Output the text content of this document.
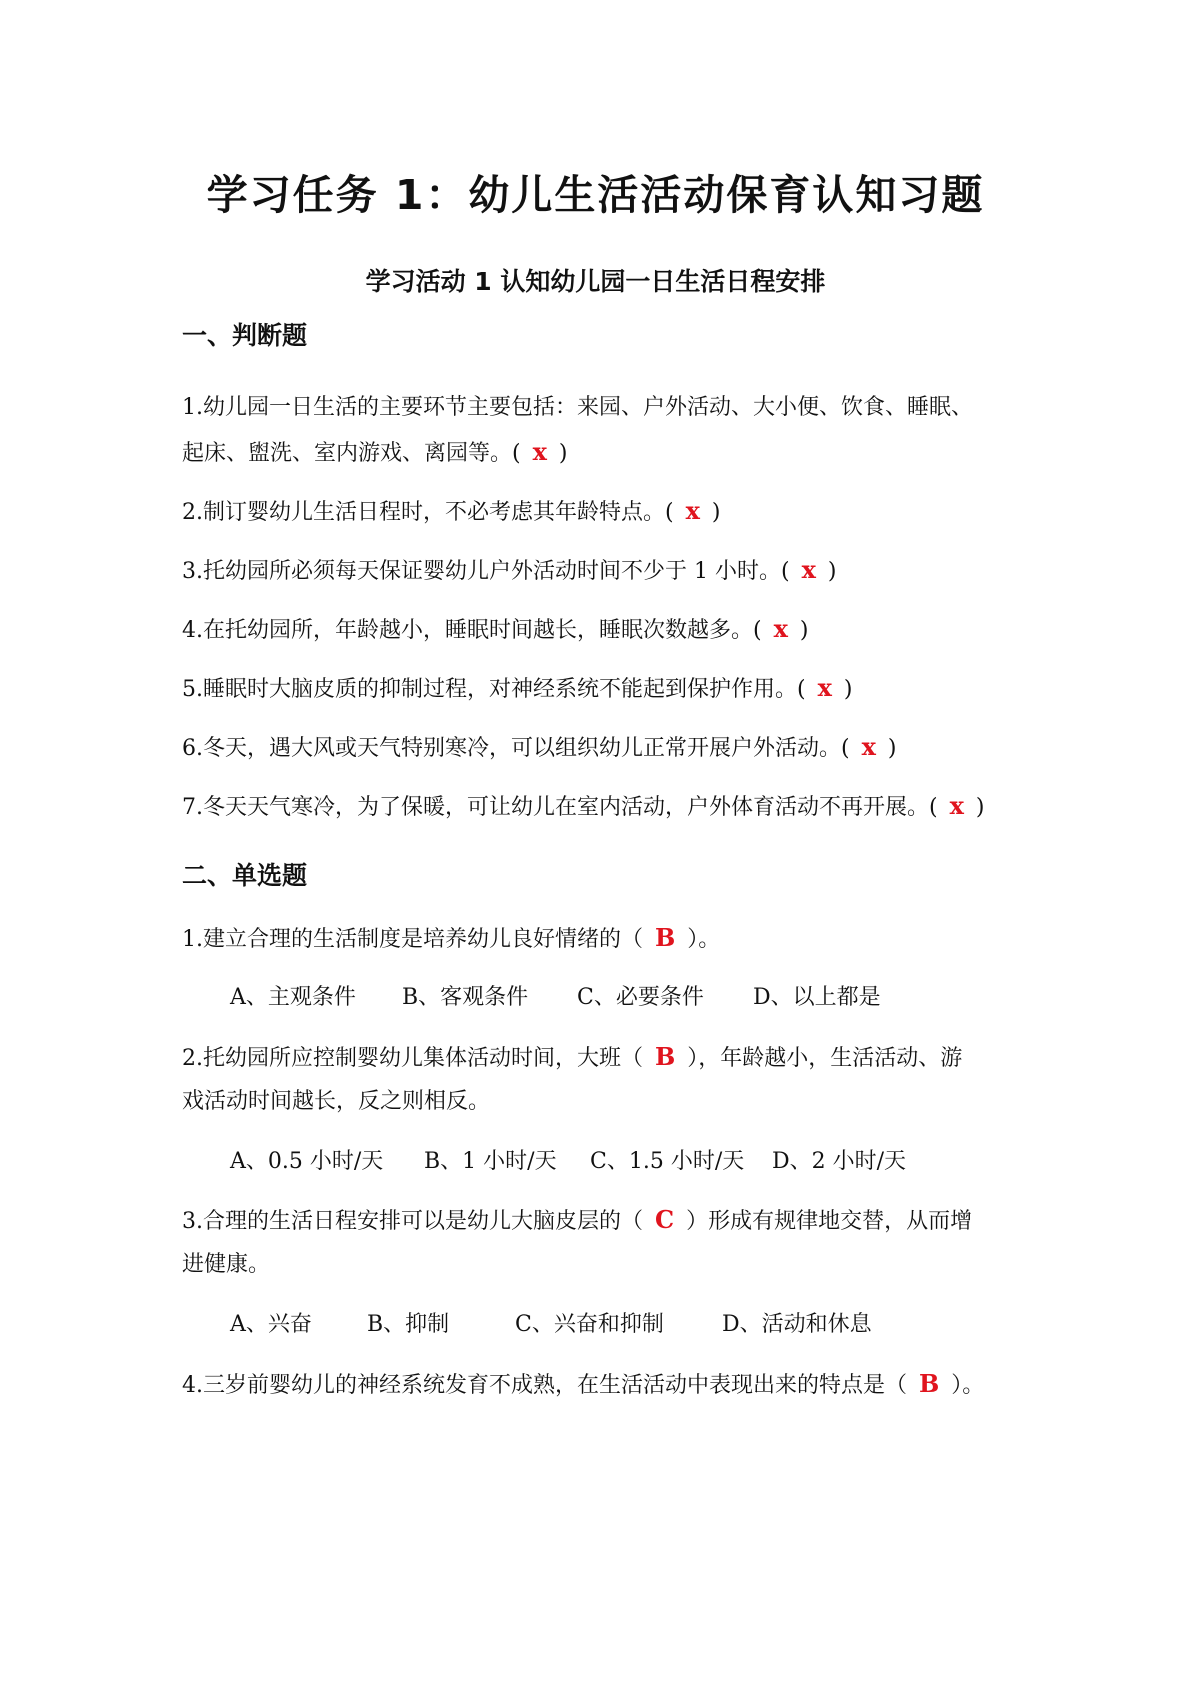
学习任务 1：幼儿生活活动保育认知习题
学习活动 1 认知幼儿园一日生活日程安排
一、判断题
1.幼儿园一日生活的主要环节主要包括：来园、户外活动、大小便、饮食、睡眠、
起床、盥洗、室内游戏、离园等。( x )
2.制订婴幼儿生活日程时，不必考虑其年龄特点。( x )
3.托幼园所必须每天保证婴幼儿户外活动时间不少于 1 小时。( x )
4.在托幼园所，年龄越小，睡眠时间越长，睡眠次数越多。( x )
5.睡眠时大脑皮质的抑制过程，对神经系统不能起到保护作用。( x )
6.冬天，遇大风或天气特别寒冷，可以组织幼儿正常开展户外活动。( x )
7.冬天天气寒冷，为了保暖，可让幼儿在室内活动，户外体育活动不再开展。( x )
二、单选题
1.建立合理的生活制度是培养幼儿良好情绪的（ B ）。
A、主观条件 B、客观条件 C、必要条件 D、以上都是
2.托幼园所应控制婴幼儿集体活动时间，大班（ B ），年龄越小，生活活动、游
戏活动时间越长，反之则相反。
A、0.5 小时/天 B、1 小时/天 C、1.5 小时/天 D、2 小时/天
3.合理的生活日程安排可以是幼儿大脑皮层的（ C ）形成有规律地交替，从而增
进健康。
A、兴奋	B、抑制	C、兴奋和抑制	D、活动和休息
4.三岁前婴幼儿的神经系统发育不成熟，在生活活动中表现出来的特点是（ B ）。
